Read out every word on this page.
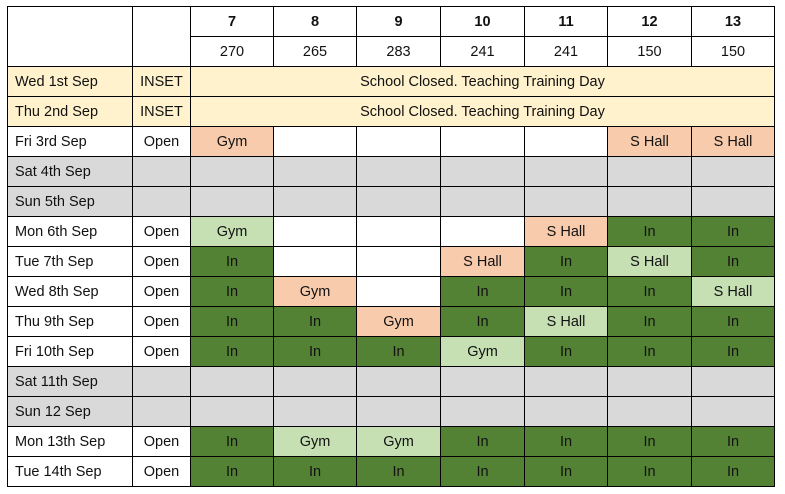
		7	8	9	10	11	12	13
		270	265	283	241	241	150	150
Wed 1st Sep	INSET	School Closed. Teaching Training Day						
Thu 2nd Sep	INSET	School Closed. Teaching Training Day						
Fri 3rd Sep	Open	Gym					S Hall	S Hall
Sat 4th Sep								
Sun 5th Sep								
Mon 6th Sep	Open	Gym				S Hall	In	In
Tue 7th Sep	Open	In			S Hall	In	S Hall	In
Wed 8th Sep	Open	In	Gym		In	In	In	S Hall
Thu 9th Sep	Open	In	In	Gym	In	S Hall	In	In
Fri 10th Sep	Open	In	In	In	Gym	In	In	In
Sat 11th Sep								
Sun 12 Sep								
Mon 13th Sep	Open	In	Gym	Gym	In	In	In	In
Tue 14th Sep	Open	In	In	In	In	In	In	In
